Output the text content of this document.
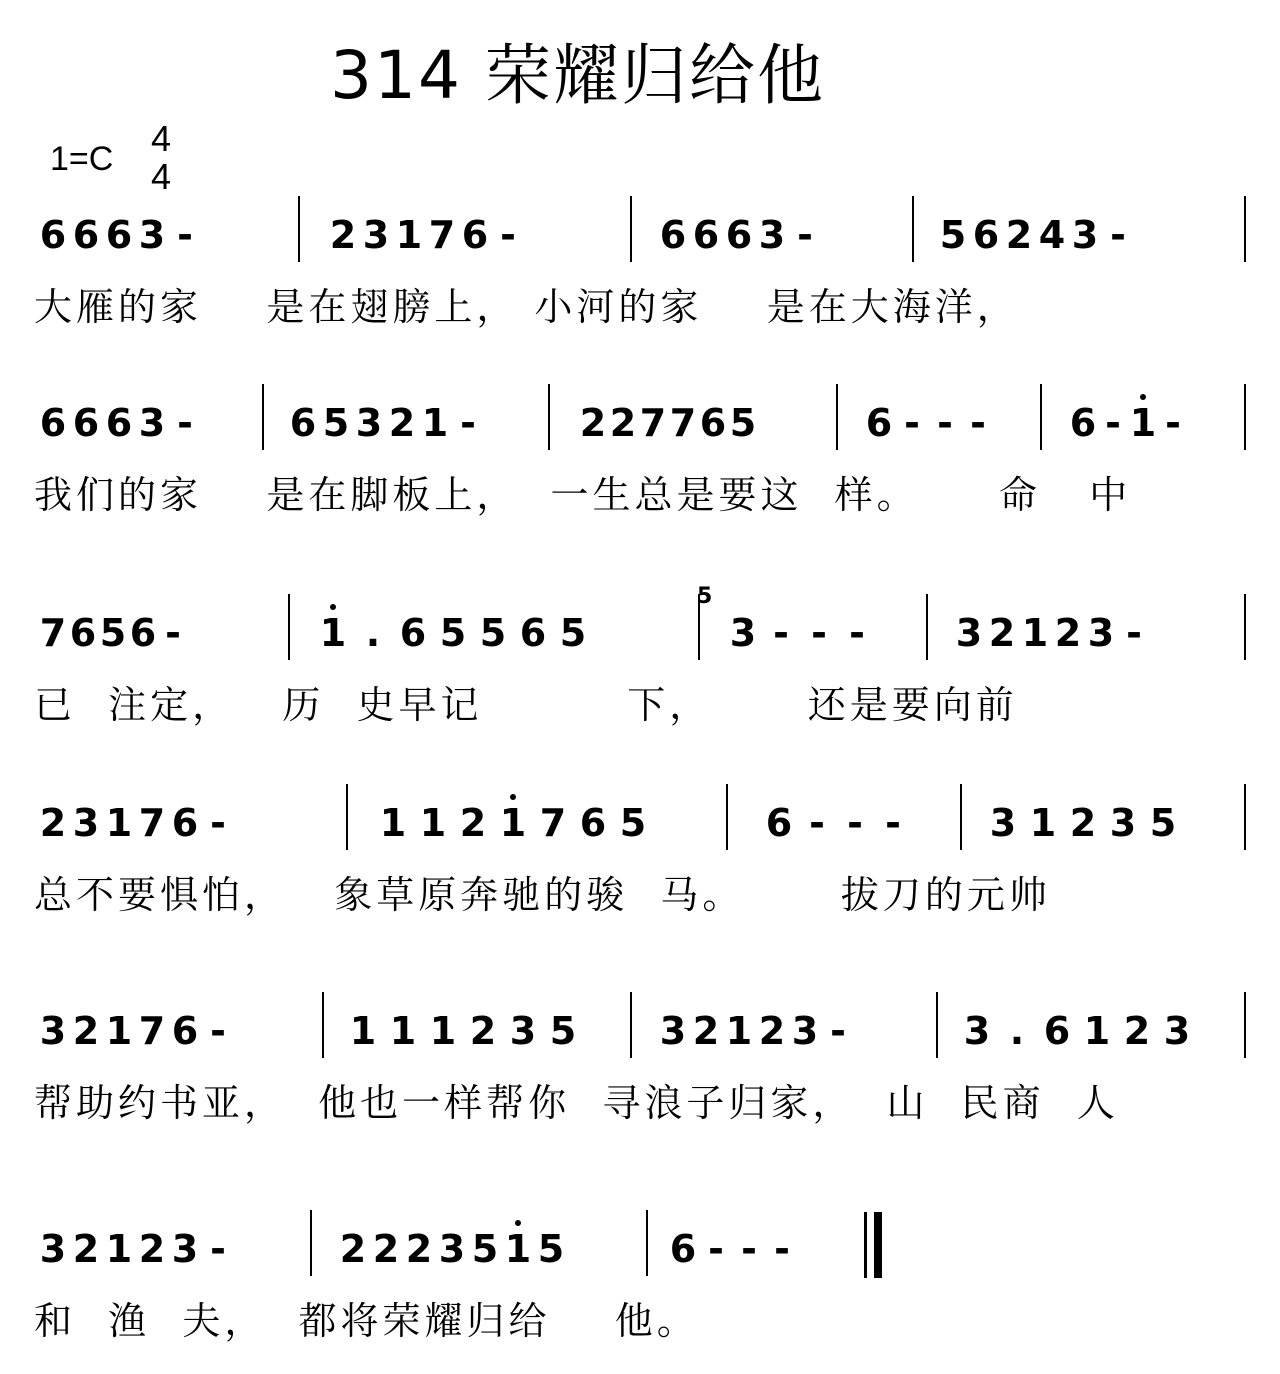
314 荣耀归给他
1=C 4
4
6 6 6 3 -	2 3 1 7 6 -	6 6 6 3 -	5 6 2 4 3 -
大雁的家    是在翅膀上， 小河的家    是在大海洋，
6 6 6 3 -	6 5 3 2 1 -	2 2 7 7 6 5	6 - - - 6 - 1 -
我们的家    是在脚板上，  一生总是要这  样。     命   中
7 6 5 6 -	1 . 6 5 5 6 5	3 - - - 3 2 1 2 3 -
已  注定，   历  史早记         下，      还是要向前
2 3 1 7 6 -	1 1 2 1 7 6 5	6 - - - 3 1 2 3 5
总不要惧怕，   象草原奔驰的骏  马。      拔刀的元帅
3 2 1 7 6 -	1 1 1 2 3 5 3 2 1 2 3 -	3 . 6 1 2 3
帮助约书亚，  他也一样帮你  寻浪子归家，  山  民商  人
3 2 1 2 3 -	2 2 2 3 5 1 5	6 - - -
和  渔  夫，  都将荣耀归给    他。
5
